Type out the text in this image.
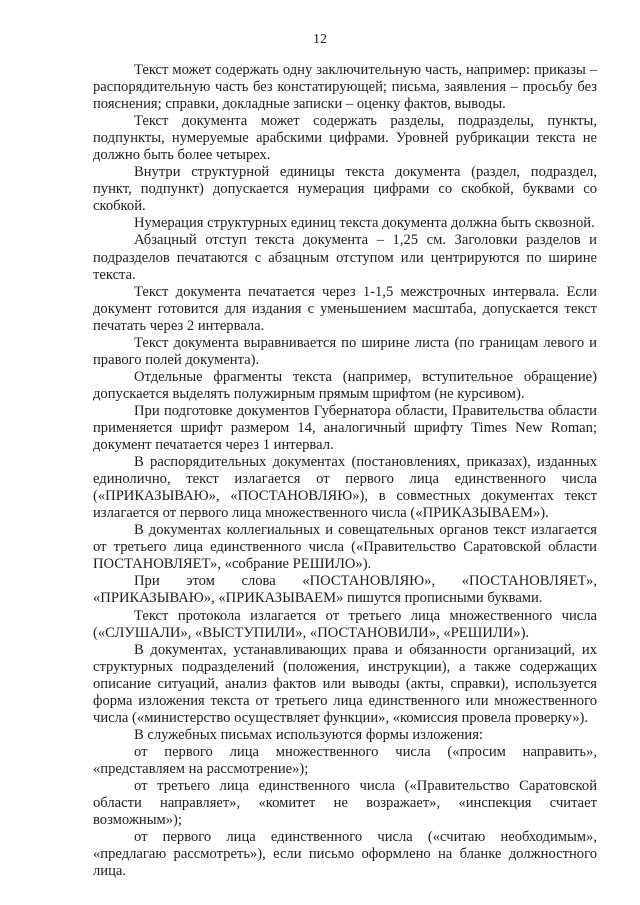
12

Текст может содержать одну заключительную часть, например: приказы – распорядительную часть без констатирующей; письма, заявления – просьбу без пояснения; справки, докладные записки – оценку фактов, выводы.

Текст документа может содержать разделы, подразделы, пункты, подпункты, нумеруемые арабскими цифрами. Уровней рубрикации текста не должно быть более четырех.

Внутри структурной единицы текста документа (раздел, подраздел, пункт, подпункт) допускается нумерация цифрами со скобкой, буквами со скобкой.

Нумерация структурных единиц текста документа должна быть сквозной.

Абзацный отступ текста документа – 1,25 см. Заголовки разделов и подразделов печатаются с абзацным отступом или центрируются по ширине текста.

Текст документа печатается через 1-1,5 межстрочных интервала. Если документ готовится для издания с уменьшением масштаба, допускается текст печатать через 2 интервала.

Текст документа выравнивается по ширине листа (по границам левого и правого полей документа).

Отдельные фрагменты текста (например, вступительное обращение) допускается выделять полужирным прямым шрифтом (не курсивом).

При подготовке документов Губернатора области, Правительства области применяется шрифт размером 14, аналогичный шрифту Times New Roman; документ печатается через 1 интервал.

В распорядительных документах (постановлениях, приказах), изданных единолично, текст излагается от первого лица единственного числа («ПРИКАЗЫВАЮ», «ПОСТАНОВЛЯЮ»), в совместных документах текст излагается от первого лица множественного числа («ПРИКАЗЫВАЕМ»).

В документах коллегиальных и совещательных органов текст излагается от третьего лица единственного числа («Правительство Саратовской области ПОСТАНОВЛЯЕТ», «собрание РЕШИЛО»).

При этом слова «ПОСТАНОВЛЯЮ», «ПОСТАНОВЛЯЕТ», «ПРИКАЗЫВАЮ», «ПРИКАЗЫВАЕМ» пишутся прописными буквами.

Текст протокола излагается от третьего лица множественного числа («СЛУШАЛИ», «ВЫСТУПИЛИ», «ПОСТАНОВИЛИ», «РЕШИЛИ»).

В документах, устанавливающих права и обязанности организаций, их структурных подразделений (положения, инструкции), а также содержащих описание ситуаций, анализ фактов или выводы (акты, справки), используется форма изложения текста от третьего лица единственного или множественного числа («министерство осуществляет функции», «комиссия провела проверку»).

В служебных письмах используются формы изложения:

от первого лица множественного числа («просим направить», «представляем на рассмотрение»);

от третьего лица единственного числа («Правительство Саратовской области направляет», «комитет не возражает», «инспекция считает возможным»);

от первого лица единственного числа («считаю необходимым», «предлагаю рассмотреть»), если письмо оформлено на бланке должностного лица.
